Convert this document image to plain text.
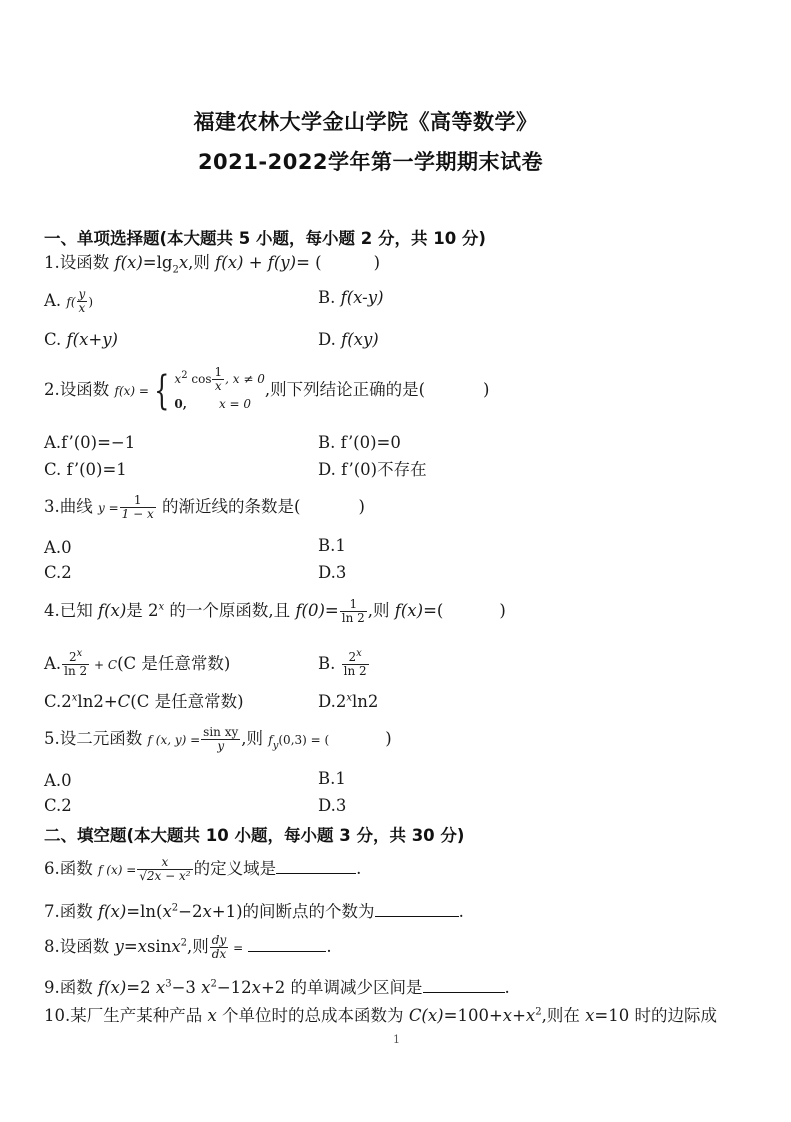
福建农林大学金山学院《高等数学》
2021-2022学年第一学期期末试卷
一、单项选择题(本大题共 5 小题，每小题 2 分，共 10 分)
1.设函数 $f(x)=\lg_2x$,则 f(x) + f(y)= (	)
A. $f( \frac{y}{x}$ )	B. f(x-y)
C. f(x+y)	D. f(xy)
2.设函数 f(x) = { $x^2$ $\cos \frac{1}{x}$ , x ≠ 0
0,	x = 0
,则下列结论正确的是(	)
A.f’(0)=−1	B. f’(0)=0
C. f’(0)=1	D. f’(0)不存在
3.曲线 $y = \frac{1}{1 - x}$ 的渐近线的条数是(	)
A.0	B.1
C.2	D.3
4.已知 f(x)是 2$^x$ 的一个原函数,且 $f(0)= \frac{1}{\ln 2}$ ,则 f(x)=(	)
A. $\frac{2^x}{\ln 2} + C(C$ 是任意常数)	B. $\frac{2^x}{\ln 2}$
$C.2^x\ln 2+C(C$ 是任意常数)	D.2$^x$ln2
5.设二元函数 f (x, $y) = \frac{\text{sin xy}}{y}$ ,则 $f_y(0,3)$ = (	)
A.0	B.1
C.2	D.3
二、填空题(本大题共 10 小题，每小题 3 分，共 30 分)
6.函数 f $(x) = \frac{x}{\text{√2x − x²}}$ 的定义域是	.
7.函数 $f(x)=\ln(x^2-2x+1)$的间断点的个数为	.
8.设函数 y=xsinx$^2$,则 $\frac{dy}{dx}$ =	.
9.函数 f(x)=2 $x^3-3$ $x^2-12x+2$ 的单调减少区间是	.
10.某厂生产某种产品 x 个单位时的总成本函数为 $C(x)=100+x+x^2$,则在 x=10 时的边际成
1
